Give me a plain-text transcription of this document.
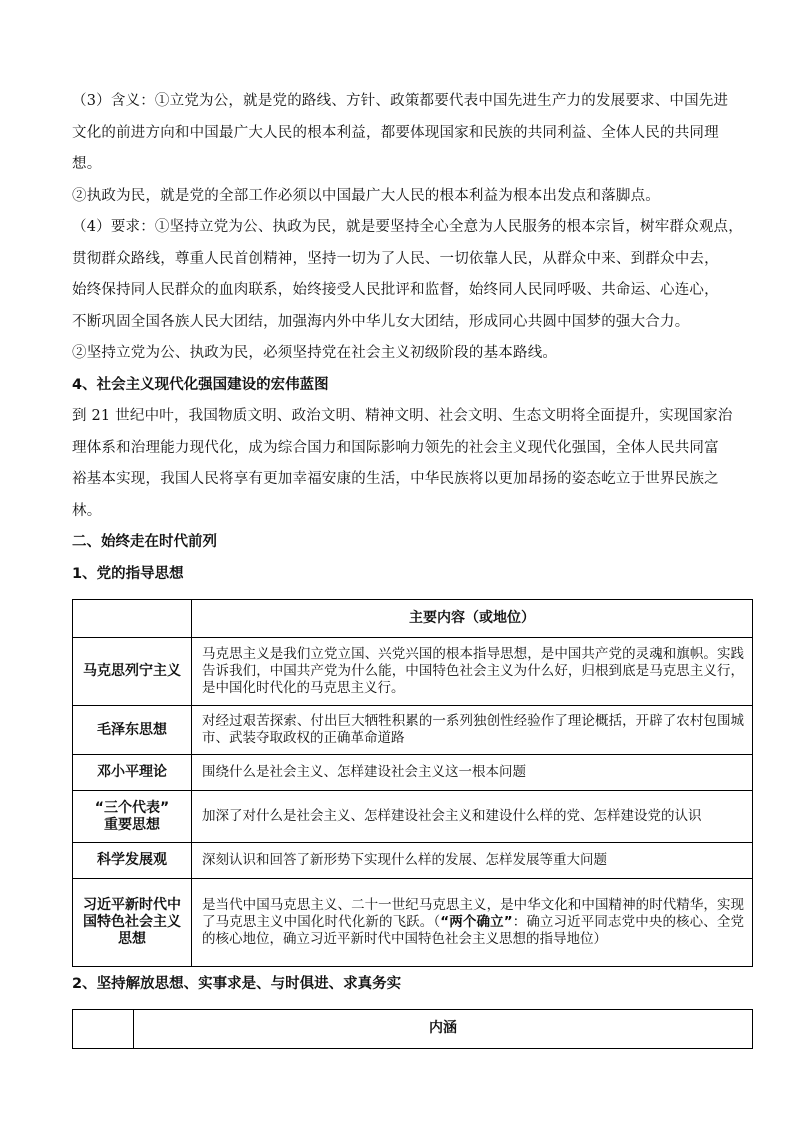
（3）含义：①立党为公，就是党的路线、方针、政策都要代表中国先进生产力的发展要求、中国先进

文化的前进方向和中国最广大人民的根本利益，都要体现国家和民族的共同利益、全体人民的共同理

想。

②执政为民，就是党的全部工作必须以中国最广大人民的根本利益为根本出发点和落脚点。

（4）要求：①坚持立党为公、执政为民，就是要坚持全心全意为人民服务的根本宗旨，树牢群众观点，

贯彻群众路线，尊重人民首创精神，坚持一切为了人民、一切依靠人民，从群众中来、到群众中去，

始终保持同人民群众的血肉联系，始终接受人民批评和监督，始终同人民同呼吸、共命运、心连心，

不断巩固全国各族人民大团结，加强海内外中华儿女大团结，形成同心共圆中国梦的强大合力。

②坚持立党为公、执政为民，必须坚持党在社会主义初级阶段的基本路线。

4、社会主义现代化强国建设的宏伟蓝图

到 21 世纪中叶，我国物质文明、政治文明、精神文明、社会文明、生态文明将全面提升，实现国家治

理体系和治理能力现代化，成为综合国力和国际影响力领先的社会主义现代化强国，全体人民共同富

裕基本实现，我国人民将享有更加幸福安康的生活，中华民族将以更加昂扬的姿态屹立于世界民族之

林。

二、始终走在时代前列

1、党的指导思想

	主要内容（或地位）
马克思列宁主义	马克思主义是我们立党立国、兴党兴国的根本指导思想，是中国共产党的灵魂和旗帜。实践告诉我们，中国共产党为什么能，中国特色社会主义为什么好，归根到底是马克思主义行，是中国化时代化的马克思主义行。
毛泽东思想	对经过艰苦探索、付出巨大牺牲积累的一系列独创性经验作了理论概括，开辟了农村包围城市、武装夺取政权的正确革命道路
邓小平理论	围绕什么是社会主义、怎样建设社会主义这一根本问题

“三个代表”
重要思想	加深了对什么是社会主义、怎样建设社会主义和建设什么样的党、怎样建设党的认识
科学发展观	深刻认识和回答了新形势下实现什么样的发展、怎样发展等重大问题
习近平新时代中国特色社会主义思想	是当代中国马克思主义、二十一世纪马克思主义，是中华文化和中国精神的时代精华，实现了马克思主义中国化时代化新的飞跃。（“两个确立”：确立习近平同志党中央的核心、全党的核心地位，确立习近平新时代中国特色社会主义思想的指导地位）

2、坚持解放思想、实事求是、与时俱进、求真务实

	内涵
